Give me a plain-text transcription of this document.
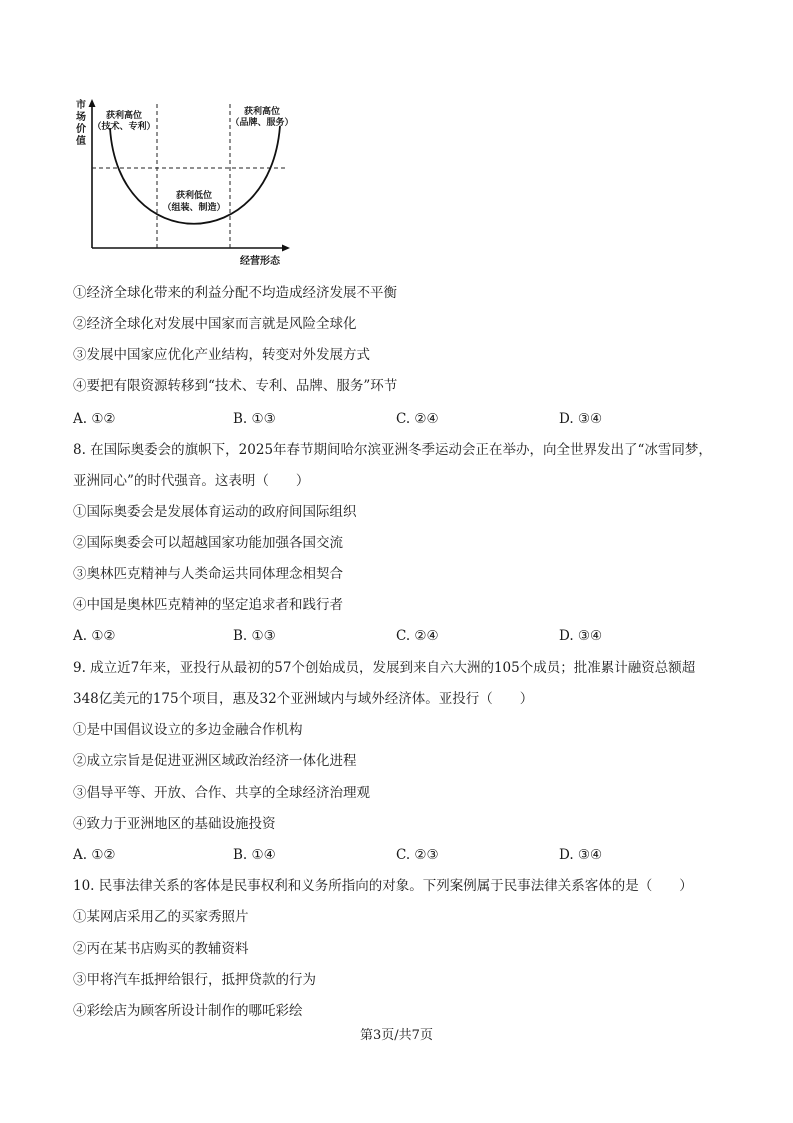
市
场
价
值
经营形态
获利高位
（技术、专利）
获利高位
（品牌、服务）
获利低位
（组装、制造）
①经济全球化带来的利益分配不均造成经济发展不平衡
②经济全球化对发展中国家而言就是风险全球化
③发展中国家应优化产业结构，转变对外发展方式
④要把有限资源转移到“技术、专利、品牌、服务”环节
A. ①②	B. ①③	C. ②④	D. ③④
8. 在国际奥委会的旗帜下，2025年春节期间哈尔滨亚洲冬季运动会正在举办，向全世界发出了“冰雪同梦，
亚洲同心”的时代强音。这表明（　　）
①国际奥委会是发展体育运动的政府间国际组织
②国际奥委会可以超越国家功能加强各国交流
③奥林匹克精神与人类命运共同体理念相契合
④中国是奥林匹克精神的坚定追求者和践行者
A. ①②	B. ①③	C. ②④	D. ③④
9. 成立近7年来，亚投行从最初的57个创始成员，发展到来自六大洲的105个成员；批准累计融资总额超
348亿美元的175个项目，惠及32个亚洲域内与域外经济体。亚投行（　　）
①是中国倡议设立的多边金融合作机构
②成立宗旨是促进亚洲区域政治经济一体化进程
③倡导平等、开放、合作、共享的全球经济治理观
④致力于亚洲地区的基础设施投资
A. ①②	B. ①④	C. ②③	D. ③④
10. 民事法律关系的客体是民事权利和义务所指向的对象。下列案例属于民事法律关系客体的是（　　）
①某网店采用乙的买家秀照片
②丙在某书店购买的教辅资料
③甲将汽车抵押给银行，抵押贷款的行为
④彩绘店为顾客所设计制作的哪吒彩绘
第3页/共7页
